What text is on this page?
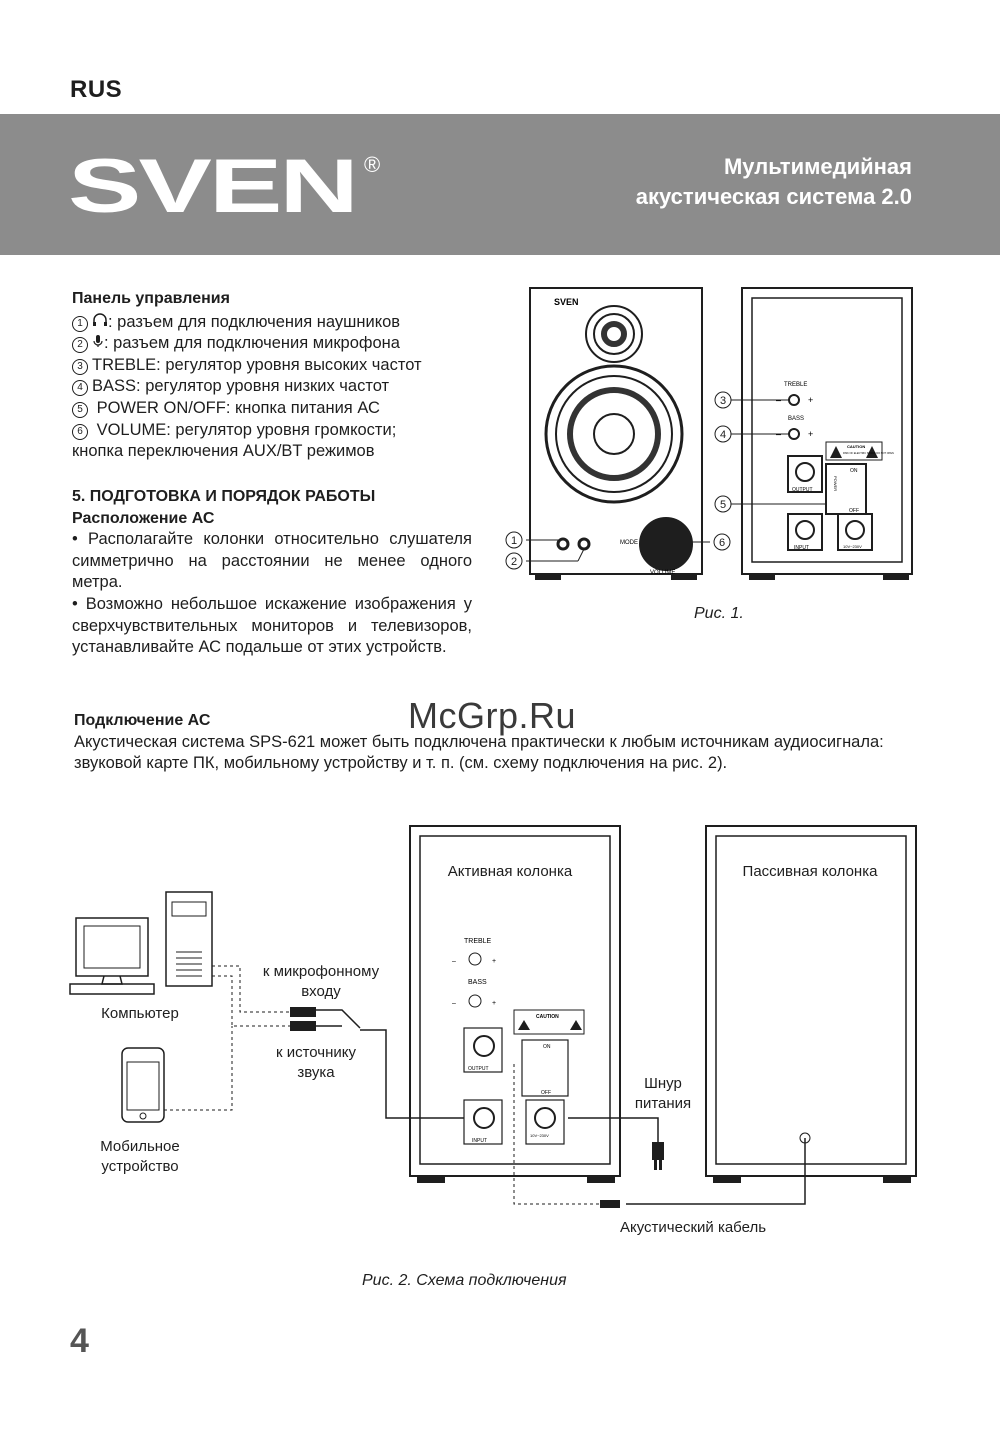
RUS
SVEN ®	Мультимедийная
акустическая система 2.0
Панель управления
1 : разъем для подключения наушников
2 : разъем для подключения микрофона
3 TREBLE: регулятор уровня высоких частот
4 BASS: регулятор уровня низких частот
5 POWER ON/OFF: кнопка питания АС
6 VOLUME: регулятор уровня громкости;
кнопка переключения AUX/BT режимов
5. ПОДГОТОВКА И ПОРЯДОК РАБОТЫ
Расположение АС
• Располагайте колонки относительно слушателя симметрично на расстоянии не менее одного метра.
• Возможно небольшое искажение изображения у сверхчувствительных мониторов и телевизоров, устанавливайте АС подальше от этих устройств.
SVEN
MODE
VOLUME
TREBLE
BASS
–	+
–	+
OUTPUT
INPUT
ON
OFF
POWER
10V~230V
CAUTION
RISK OF ELECTRIC SHOCK DO NOT OPEN
1
2
3
4
5
6
Рис. 1.
McGrp.Ru
Подключение АС
Акустическая система SPS-621 может быть подключена практически к любым источникам аудиосигнала: звуковой карте ПК, мобильному устройству и т. п. (см. схему подключения на рис. 2).
TREBLE
BASS
–	+
–	+
OUTPUT
INPUT
ON
OFF
10V~230V
CAUTION
Активная колонка	Пассивная колонка
Компьютер
Мобильное устройство
к микрофонному входу
к источнику звука
Шнур питания
Акустический кабель
Рис. 2. Схема подключения
4
